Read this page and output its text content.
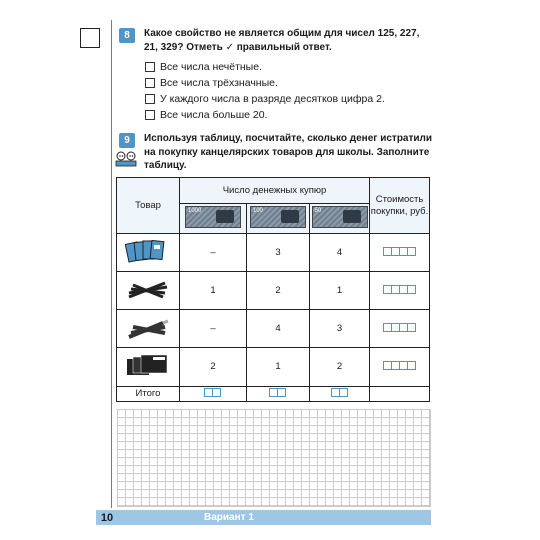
8	Какое свойство не является общим для чисел 125, 227, 21, 329? Отметь ✓ правильный ответ.
Все числа нечётные.
Все числа трёхзначные.
У каждого числа в разряде десятков цифра 2.
Все числа больше 20.
9	Используя таблицу, посчитайте, сколько денег истратили на покупку канцелярских товаров для школы. Заполните таблицу.
Товар	Число денежных купюр			Стоимость покупки, руб.

	1000	100	50	

	–	3	4	

	1	2	1	

	–	4	3	

	2	1	2	

Итого	

10	Вариант 1
